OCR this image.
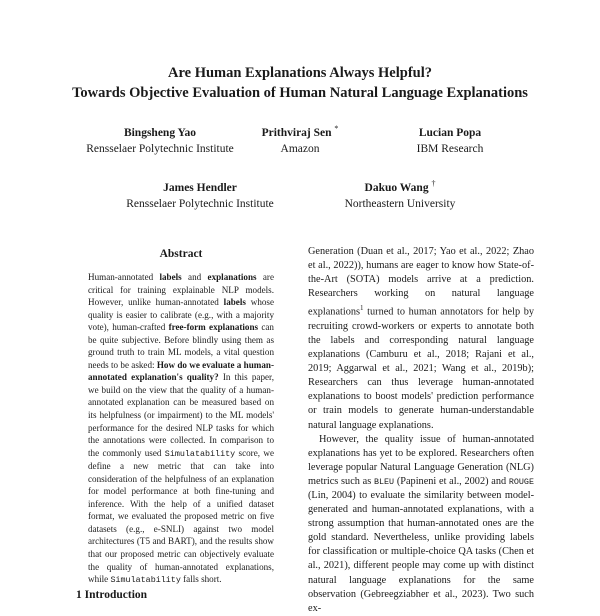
Are Human Explanations Always Helpful?
Towards Objective Evaluation of Human Natural Language Explanations
Bingsheng Yao
Rensselaer Polytechnic Institute
Prithviraj Sen *
Amazon
Lucian Popa
IBM Research
James Hendler
Rensselaer Polytechnic Institute
Dakuo Wang †
Northeastern University
Abstract
Human-annotated labels and explanations are critical for training explainable NLP models. However, unlike human-annotated labels whose quality is easier to calibrate (e.g., with a majority vote), human-crafted free-form explanations can be quite subjective. Before blindly using them as ground truth to train ML models, a vital question needs to be asked: How do we evaluate a human-annotated explanation's quality? In this paper, we build on the view that the quality of a human-annotated explanation can be measured based on its helpfulness (or impairment) to the ML models' performance for the desired NLP tasks for which the annotations were collected. In comparison to the commonly used Simulatability score, we define a new metric that can take into consideration of the helpfulness of an explanation for model performance at both fine-tuning and inference. With the help of a unified dataset format, we evaluated the proposed metric on five datasets (e.g., e-SNLI) against two model architectures (T5 and BART), and the results show that our proposed metric can objectively evaluate the quality of human-annotated explanations, while Simulatability falls short.

Generation (Duan et al., 2017; Yao et al., 2022; Zhao et al., 2022)), humans are eager to know how State-of-the-Art (SOTA) models arrive at a prediction. Researchers working on natural language explanations$^1$ turned to human annotators for help by recruiting crowd-workers or experts to annotate both the labels and corresponding natural language explanations (Camburu et al., 2018; Rajani et al., 2019; Aggarwal et al., 2021; Wang et al., 2019b); Researchers can thus leverage human-annotated explanations to boost models' prediction performance or train models to generate human-understandable natural language explanations.

However, the quality issue of human-annotated explanations has yet to be explored. Researchers often leverage popular Natural Language Generation (NLG) metrics such as BLEU (Papineni et al., 2002) and ROUGE (Lin, 2004) to evaluate the similarity between model-generated and human-annotated explanations, with a strong assumption that human-annotated ones are the gold standard. Nevertheless, unlike providing labels for classification or multiple-choice QA tasks (Chen et al., 2021), different people may come up with distinct natural language explanations for the same observation (Gebreegziabher et al., 2023). Two such ex-

1 Introduction
